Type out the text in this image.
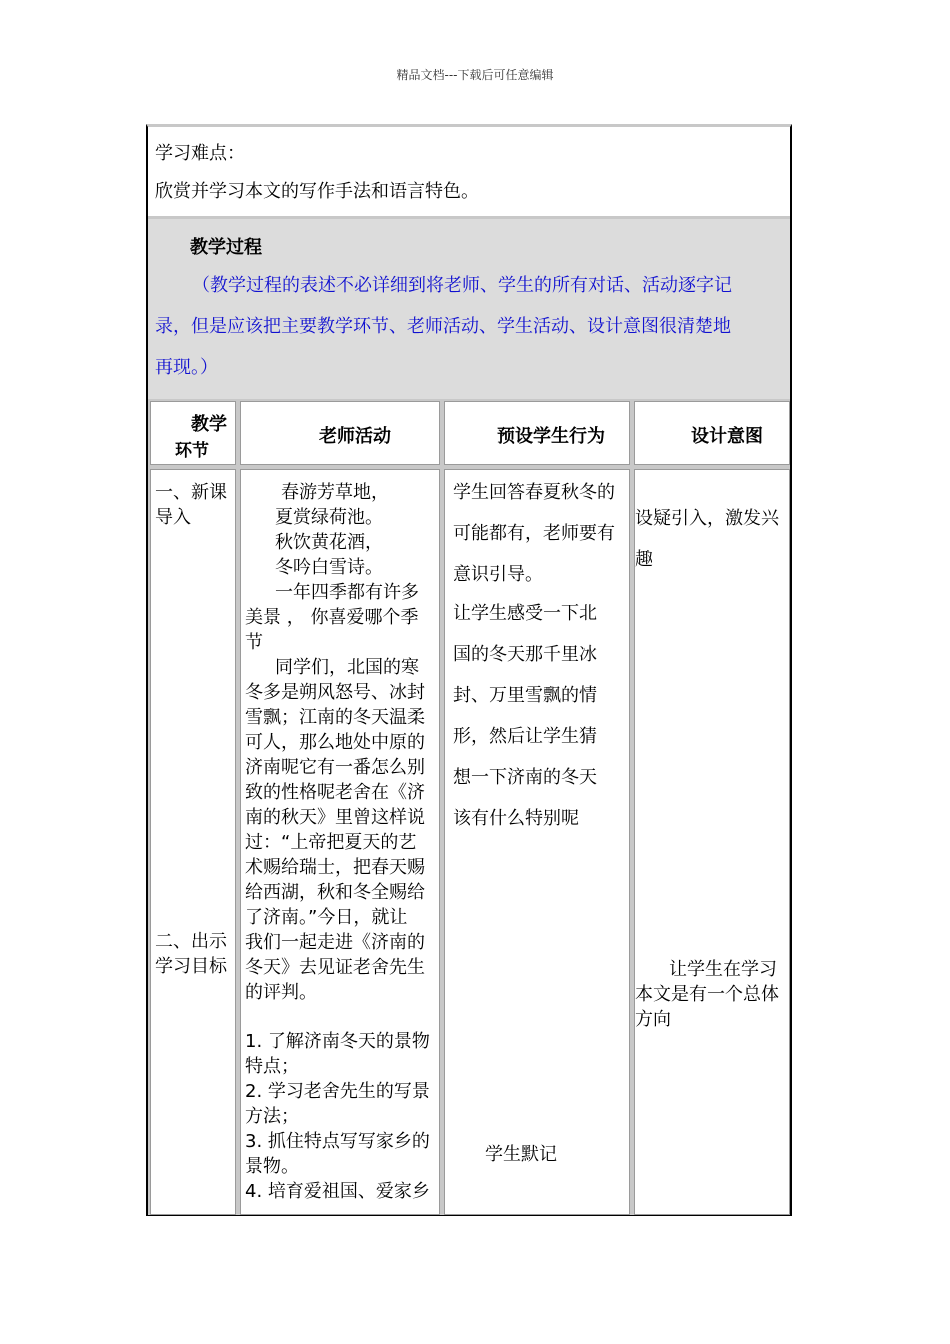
精品文档---下载后可任意编辑
学习难点：
欣赏并学习本文的写作手法和语言特色。
教学过程
（教学过程的表述不必详细到将老师、学生的所有对话、活动逐字记
录，但是应该把主要教学环节、老师活动、学生活动、设计意图很清楚地
再现。）
教学
环节
老师活动	预设学生行为	设计意图
一、新课
导入
二、出示
学习目标
春游芳草地，
夏赏绿荷池。
秋饮黄花酒，
冬吟白雪诗。
一年四季都有许多
美景 ， 你喜爱哪个季
节
同学们，北国的寒
冬多是朔风怒号、冰封
雪飘；江南的冬天温柔
可人，那么地处中原的
济南呢它有一番怎么别
致的性格呢老舍在《济
南的秋天》里曾这样说
过：“上帝把夏天的艺
术赐给瑞士，把春天赐
给西湖，秋和冬全赐给
了济南。”今日，就让
我们一起走进《济南的
冬天》去见证老舍先生
的评判。
1. 了解济南冬天的景物
特点；
2. 学习老舍先生的写景
方法；
3. 抓住特点写写家乡的
景物。
4. 培育爱祖国、爱家乡
学生回答春夏秋冬的
可能都有，老师要有
意识引导。
让学生感受一下北
国的冬天那千里冰
封、万里雪飘的情
形，然后让学生猜
想一下济南的冬天
该有什么特别呢
学生默记
设疑引入，激发兴
趣
让学生在学习
本文是有一个总体
方向
